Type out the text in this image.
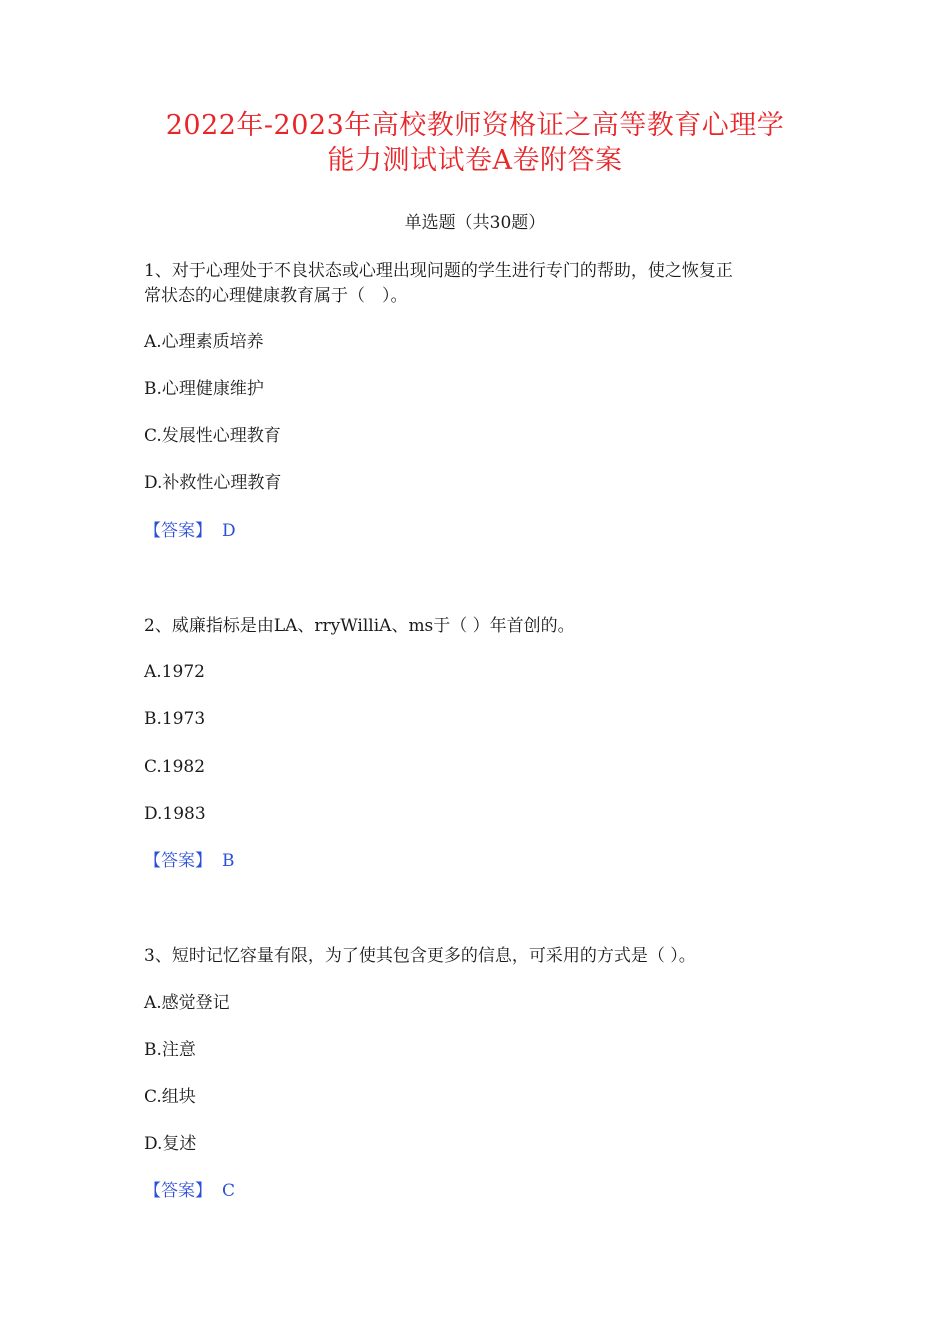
2022年-2023年高校教师资格证之高等教育心理学
能力测试试卷A卷附答案
单选题（共30题）
1、对于心理处于不良状态或心理出现问题的学生进行专门的帮助，使之恢复正
常状态的心理健康教育属于（　）。
A.心理素质培养
B.心理健康维护
C.发展性心理教育
D.补救性心理教育
【答案】 D
2、威廉指标是由LA、rryWilliA、ms于（ ）年首创的。
A.1972
B.1973
C.1982
D.1983
【答案】 B
3、短时记忆容量有限，为了使其包含更多的信息，可采用的方式是（ ）。
A.感觉登记
B.注意
C.组块
D.复述
【答案】 C
